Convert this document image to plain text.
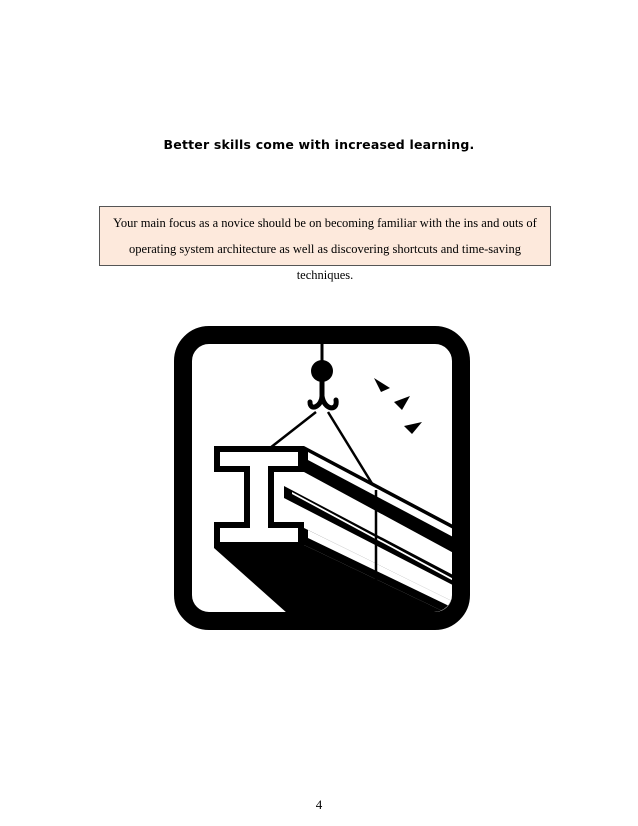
Better skills come with increased learning.

Your main focus as a novice should be on becoming familiar with the ins and outs of

operating system architecture as well as discovering shortcuts and time-saving techniques.

4
